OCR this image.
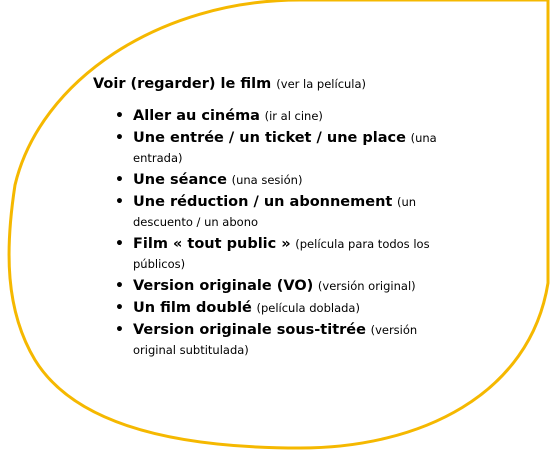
Voir (regarder) le film (ver la película)
• Aller au cinéma (ir al cine)
• Une entrée / un ticket / une place (una entrada)
• Une séance (una sesión)
• Une réduction / un abonnement (un descuento / un abono
• Film « tout public » (película para todos los públicos)
• Version originale (VO) (versión original)
• Un film doublé (película doblada)
• Version originale sous-titrée (versión original subtitulada)
